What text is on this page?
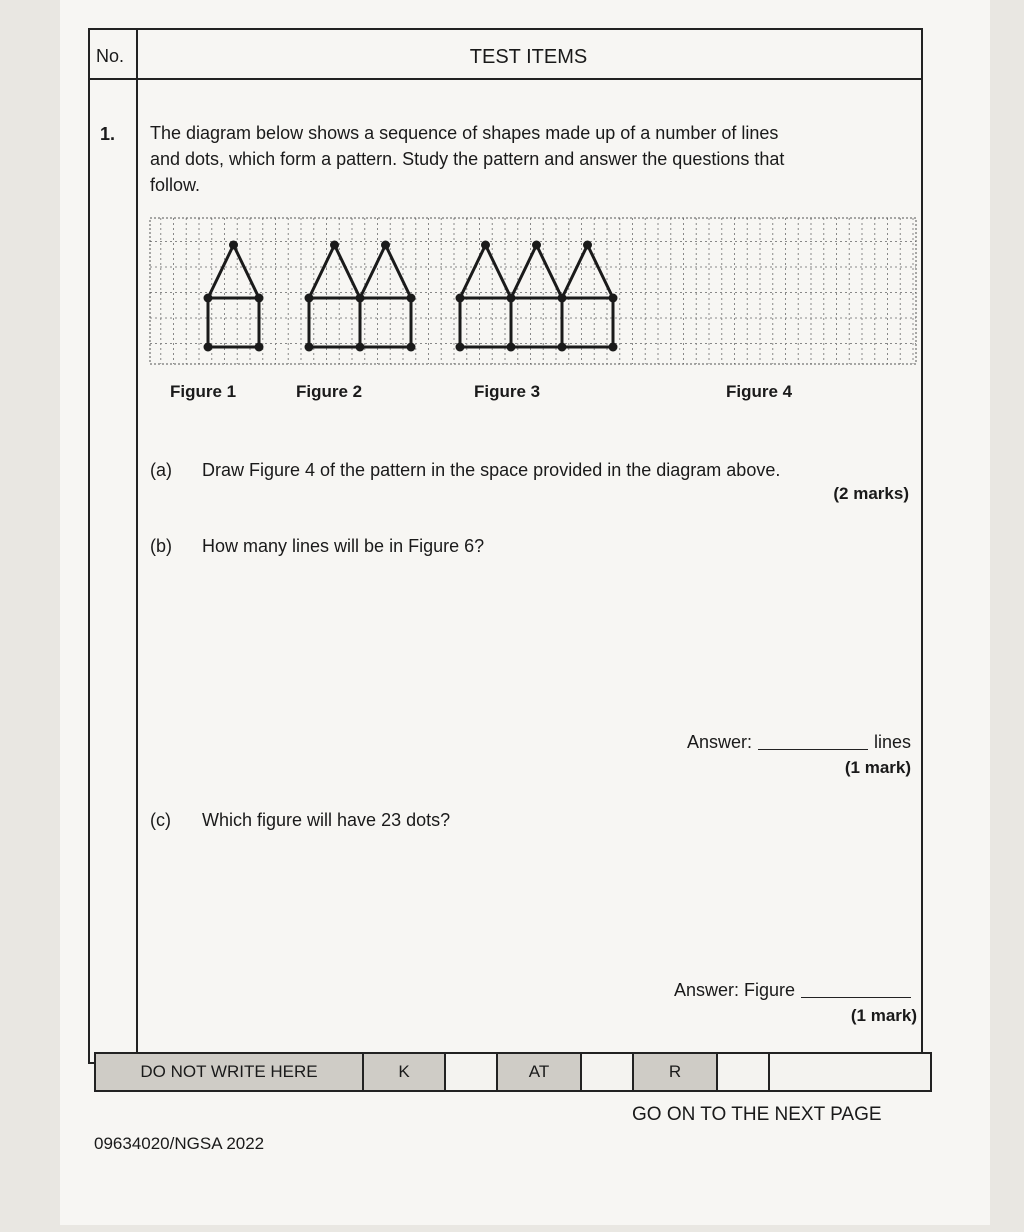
No.	TEST ITEMS
1. The diagram below shows a sequence of shapes made up of a number of lines
and dots, which form a pattern. Study the pattern and answer the questions that
follow.
Figure 1	Figure 2	Figure 3	Figure 4
(a) Draw Figure 4 of the pattern in the space provided in the diagram above.
(2 marks)
(b) How many lines will be in Figure 6?
Answer:	lines
(1 mark)
(c) Which figure will have 23 dots?
Answer: Figure
(1 mark)
DO NOT WRITE HERE	K	AT	R
GO ON TO THE NEXT PAGE
09634020/NGSA 2022
